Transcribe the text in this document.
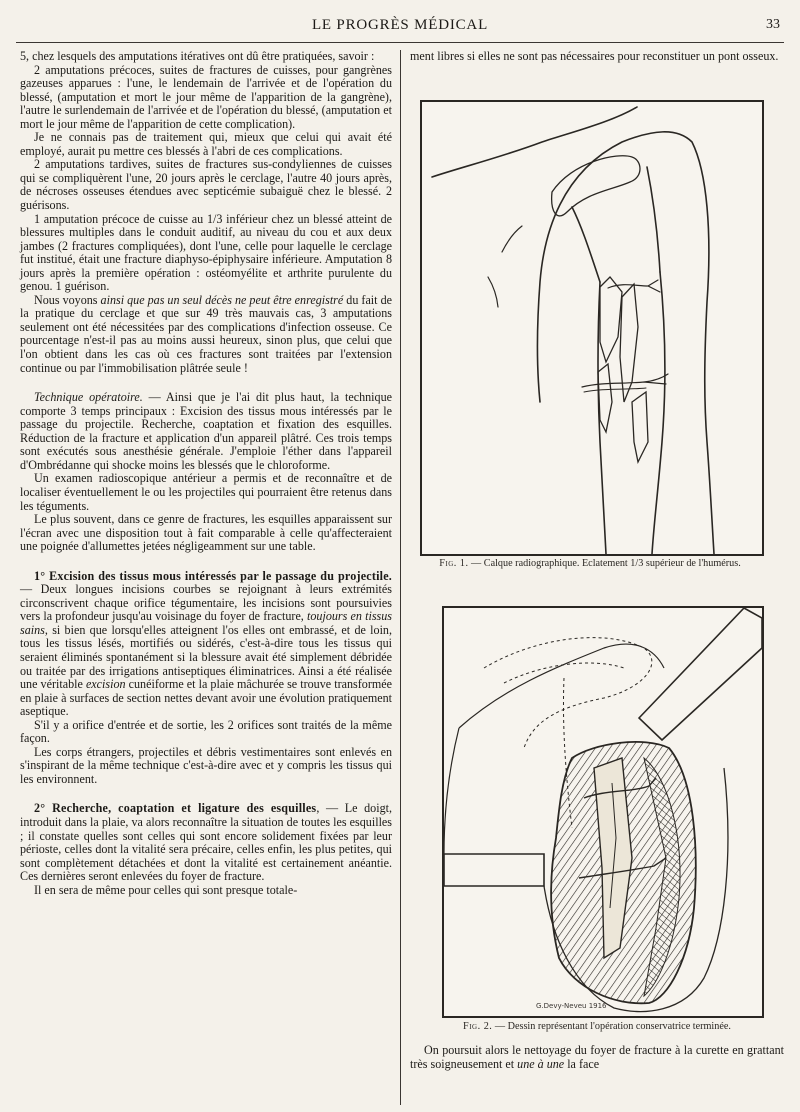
LE PROGRÈS MÉDICAL	33

5, chez lesquels des amputations itératives ont dû être pratiquées, savoir :

2 amputations précoces, suites de fractures de cuisses, pour gangrènes gazeuses apparues : l'une, le lendemain de l'arrivée et de l'opération du blessé, (amputation et mort le jour même de l'apparition de la gangrène), l'autre le surlendemain de l'arrivée et de l'opération du blessé, (amputation et mort le jour même de l'apparition de cette complication).

Je ne connais pas de traitement qui, mieux que celui qui avait été employé, aurait pu mettre ces blessés à l'abri de ces complications.

2 amputations tardives, suites de fractures sus-condyliennes de cuisses qui se compliquèrent l'une, 20 jours après le cerclage, l'autre 40 jours après, de nécroses osseuses étendues avec septicémie subaiguë chez le blessé. 2 guérisons.

1 amputation précoce de cuisse au 1/3 inférieur chez un blessé atteint de blessures multiples dans le conduit auditif, au niveau du cou et aux deux jambes (2 fractures compliquées), dont l'une, celle pour laquelle le cerclage fut institué, était une fracture diaphyso-épiphysaire inférieure. Amputation 8 jours après la première opération : ostéomyélite et arthrite purulente du genou. 1 guérison.

Nous voyons ainsi que pas un seul décès ne peut être enregistré du fait de la pratique du cerclage et que sur 49 très mauvais cas, 3 amputations seulement ont été nécessitées par des complications d'infection osseuse. Ce pourcentage n'est-il pas au moins aussi heureux, sinon plus, que celui que l'on obtient dans les cas où ces fractures sont traitées par l'extension continue ou par l'immobilisation plâtrée seule !

Technique opératoire. — Ainsi que je l'ai dit plus haut, la technique comporte 3 temps principaux : Excision des tissus mous intéressés par le passage du projectile. Recherche, coaptation et fixation des esquilles. Réduction de la fracture et application d'un appareil plâtré. Ces trois temps sont exécutés sous anesthésie générale. J'emploie l'éther dans l'appareil d'Ombrédanne qui shocke moins les blessés que le chloroforme.

Un examen radioscopique antérieur a permis et de reconnaître et de localiser éventuellement le ou les projectiles qui pourraient être retenus dans les téguments.

Le plus souvent, dans ce genre de fractures, les esquilles apparaissent sur l'écran avec une disposition tout à fait comparable à celle qu'affecteraient une poignée d'allumettes jetées négligeamment sur une table.

1° Excision des tissus mous intéressés par le passage du projectile. — Deux longues incisions courbes se rejoignant à leurs extrémités circonscrivent chaque orifice tégumentaire, les incisions sont poursuivies vers la profondeur jusqu'au voisinage du foyer de fracture, toujours en tissus sains, si bien que lorsqu'elles atteignent l'os elles ont embrassé, et de loin, tous les tissus lésés, mortifiés ou sidérés, c'est-à-dire tous les tissus qui seraient éliminés spontanément si la blessure avait été simplement débridée ou traitée par des irrigations antiseptiques éliminatrices. Ainsi a été réalisée une véritable excision cunéiforme et la plaie mâchurée se trouve transformée en plaie à surfaces de section nettes devant avoir une évolution pratiquement aseptique.

S'il y a orifice d'entrée et de sortie, les 2 orifices sont traités de la même façon.

Les corps étrangers, projectiles et débris vestimentaires sont enlevés en s'inspirant de la même technique c'est-à-dire avec et y compris les tissus qui les environnent.

2° Recherche, coaptation et ligature des esquilles, — Le doigt, introduit dans la plaie, va alors reconnaître la situation de toutes les esquilles ; il constate quelles sont celles qui sont encore solidement fixées par leur périoste, celles dont la vitalité sera précaire, celles enfin, les plus petites, qui sont complètement détachées et dont la vitalité est certainement anéantie. Ces dernières seront enlevées du foyer de fracture.

Il en sera de même pour celles qui sont presque totale-

ment libres si elles ne sont pas nécessaires pour reconstituer un pont osseux.

Fig. 1. — Calque radiographique. Eclatement 1/3 supérieur de l'humérus.
G.Devy-Neveu 1916
Fig. 2. — Dessin représentant l'opération conservatrice terminée.

On poursuit alors le nettoyage du foyer de fracture à la curette en grattant très soigneusement et une à une la face
